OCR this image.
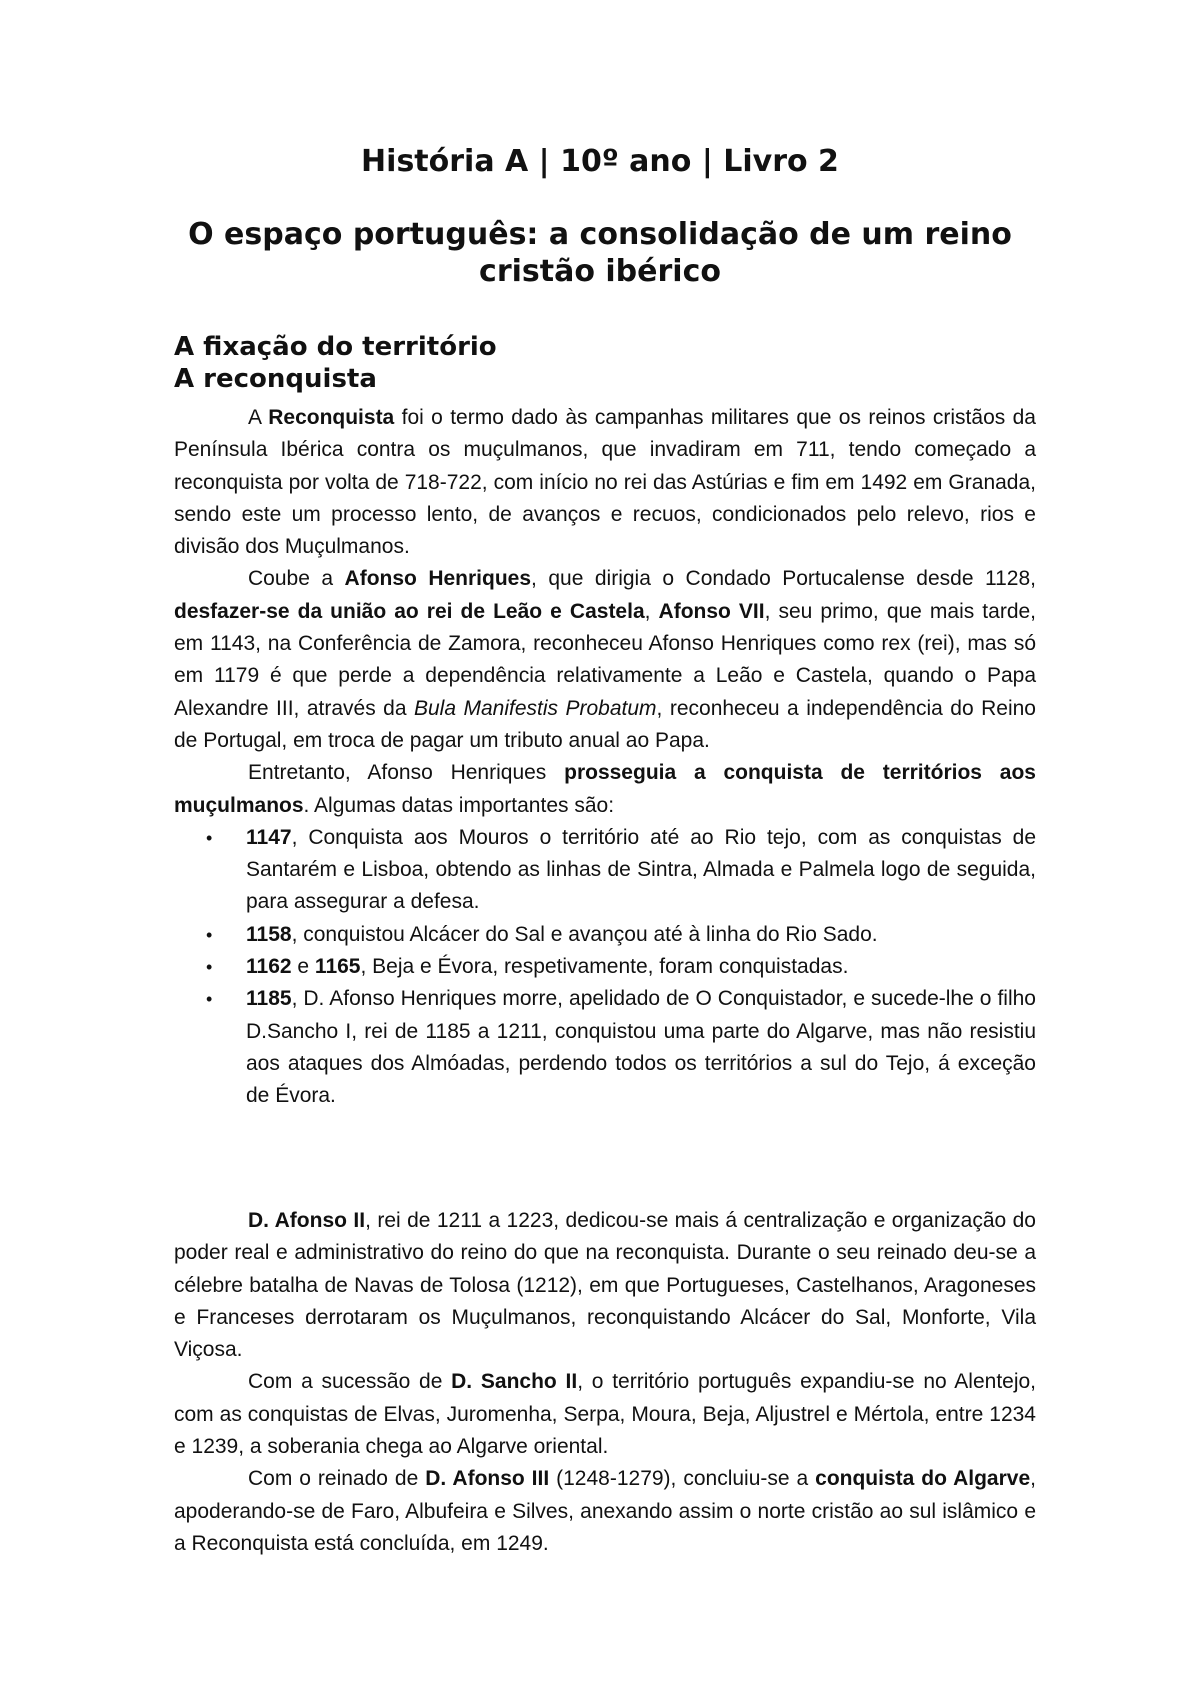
História A | 10º ano | Livro 2
O espaço português: a consolidação de um reino cristão ibérico
A fixação do território
A reconquista

A Reconquista foi o termo dado às campanhas militares que os reinos cristãos da Península Ibérica contra os muçulmanos, que invadiram em 711, tendo começado a reconquista por volta de 718-722, com início no rei das Astúrias e fim em 1492 em Granada, sendo este um processo lento, de avanços e recuos, condicionados pelo relevo, rios e divisão dos Muçulmanos.

Coube a Afonso Henriques, que dirigia o Condado Portucalense desde 1128, desfazer-se da união ao rei de Leão e Castela, Afonso VII, seu primo, que mais tarde, em 1143, na Conferência de Zamora, reconheceu Afonso Henriques como rex (rei), mas só em 1179 é que perde a dependência relativamente a Leão e Castela, quando o Papa Alexandre III, através da Bula Manifestis Probatum, reconheceu a independência do Reino de Portugal, em troca de pagar um tributo anual ao Papa.

Entretanto, Afonso Henriques prosseguia a conquista de territórios aos muçulmanos. Algumas datas importantes são:

• 1147, Conquista aos Mouros o território até ao Rio tejo, com as conquistas de Santarém e Lisboa, obtendo as linhas de Sintra, Almada e Palmela logo de seguida, para assegurar a defesa.
• 1158, conquistou Alcácer do Sal e avançou até à linha do Rio Sado.
• 1162 e 1165, Beja e Évora, respetivamente, foram conquistadas.
• 1185, D. Afonso Henriques morre, apelidado de O Conquistador, e sucede-lhe o filho D.Sancho I, rei de 1185 a 1211, conquistou uma parte do Algarve, mas não resistiu aos ataques dos Almóadas, perdendo todos os territórios a sul do Tejo, á exceção de Évora.

D. Afonso II, rei de 1211 a 1223, dedicou-se mais á centralização e organização do poder real e administrativo do reino do que na reconquista. Durante o seu reinado deu-se a célebre batalha de Navas de Tolosa (1212), em que Portugueses, Castelhanos, Aragoneses e Franceses derrotaram os Muçulmanos, reconquistando Alcácer do Sal, Monforte, Vila Viçosa.

Com a sucessão de D. Sancho II, o território português expandiu-se no Alentejo, com as conquistas de Elvas, Juromenha, Serpa, Moura, Beja, Aljustrel e Mértola, entre 1234 e 1239, a soberania chega ao Algarve oriental.

Com o reinado de D. Afonso III (1248-1279), concluiu-se a conquista do Algarve, apoderando-se de Faro, Albufeira e Silves, anexando assim o norte cristão ao sul islâmico e a Reconquista está concluída, em 1249.
